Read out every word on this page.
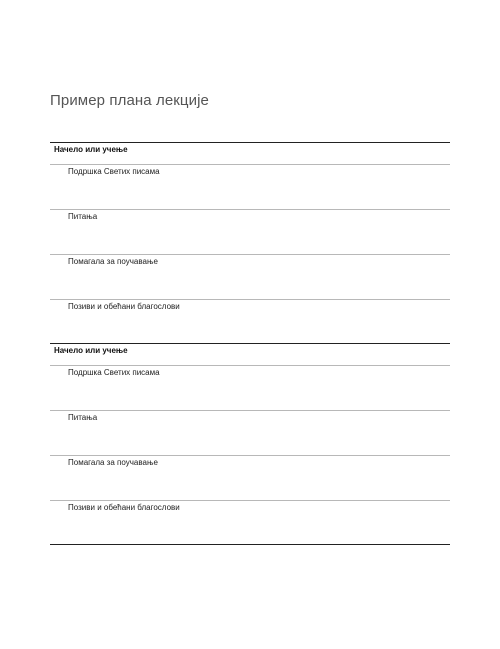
Пример плана лекције
Начело или учење
Подршка Светих писама
Питања
Помагала за поучавање
Позиви и обећани благослови
Начело или учење
Подршка Светих писама
Питања
Помагала за поучавање
Позиви и обећани благослови
